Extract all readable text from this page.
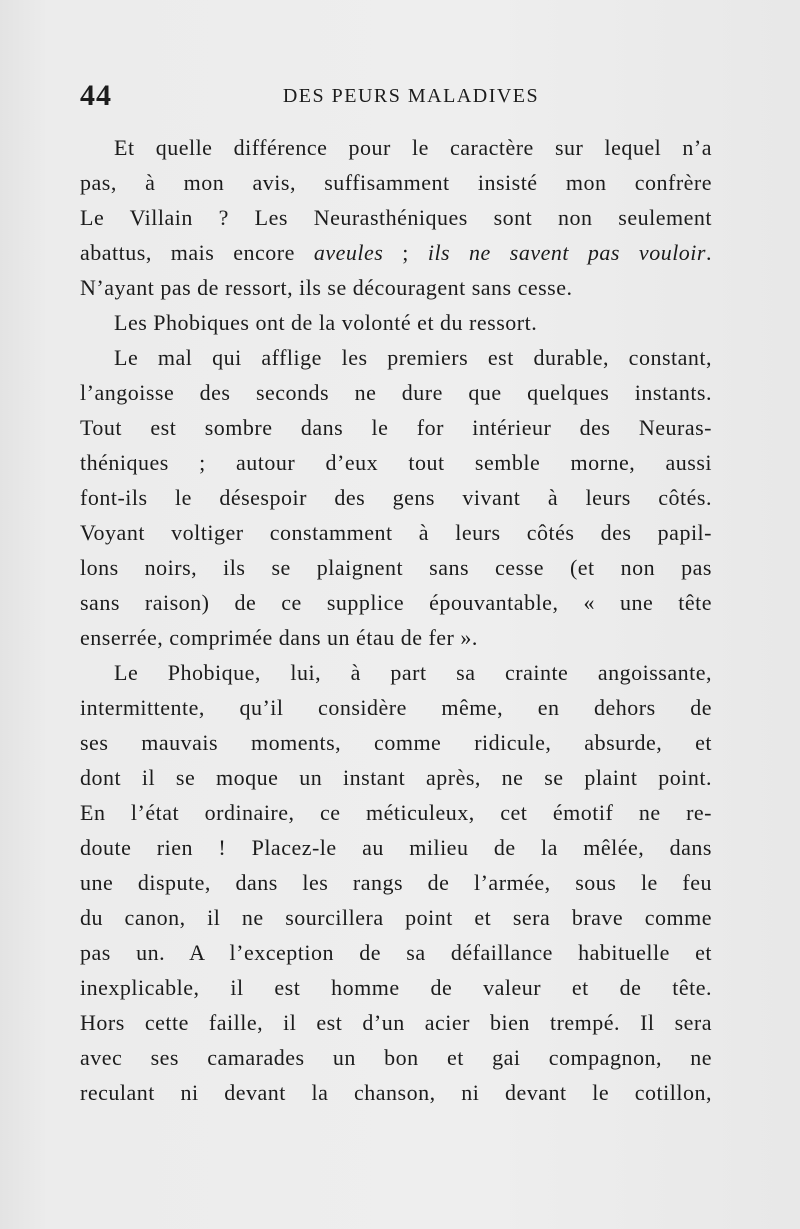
44	DES PEURS MALADIVES
Et quelle différence pour le caractère sur lequel n’a
pas, à mon avis, suffisamment insisté mon confrère
Le Villain ? Les Neurasthéniques sont non seulement
abattus, mais encore aveules ; ils ne savent pas vouloir.
N’ayant pas de ressort, ils se découragent sans cesse.
Les Phobiques ont de la volonté et du ressort.
Le mal qui afflige les premiers est durable, constant,
l’angoisse des seconds ne dure que quelques instants.
Tout est sombre dans le for intérieur des Neuras-
théniques ; autour d’eux tout semble morne, aussi
font-ils le désespoir des gens vivant à leurs côtés.
Voyant voltiger constamment à leurs côtés des papil-
lons noirs, ils se plaignent sans cesse (et non pas
sans raison) de ce supplice épouvantable, « une tête
enserrée, comprimée dans un étau de fer ».
Le Phobique, lui, à part sa crainte angoissante,
intermittente, qu’il considère même, en dehors de
ses mauvais moments, comme ridicule, absurde, et
dont il se moque un instant après, ne se plaint point.
En l’état ordinaire, ce méticuleux, cet émotif ne re-
doute rien ! Placez-le au milieu de la mêlée, dans
une dispute, dans les rangs de l’armée, sous le feu
du canon, il ne sourcillera point et sera brave comme
pas un. A l’exception de sa défaillance habituelle et
inexplicable, il est homme de valeur et de tête.
Hors cette faille, il est d’un acier bien trempé. Il sera
avec ses camarades un bon et gai compagnon, ne
reculant ni devant la chanson, ni devant le cotillon,
